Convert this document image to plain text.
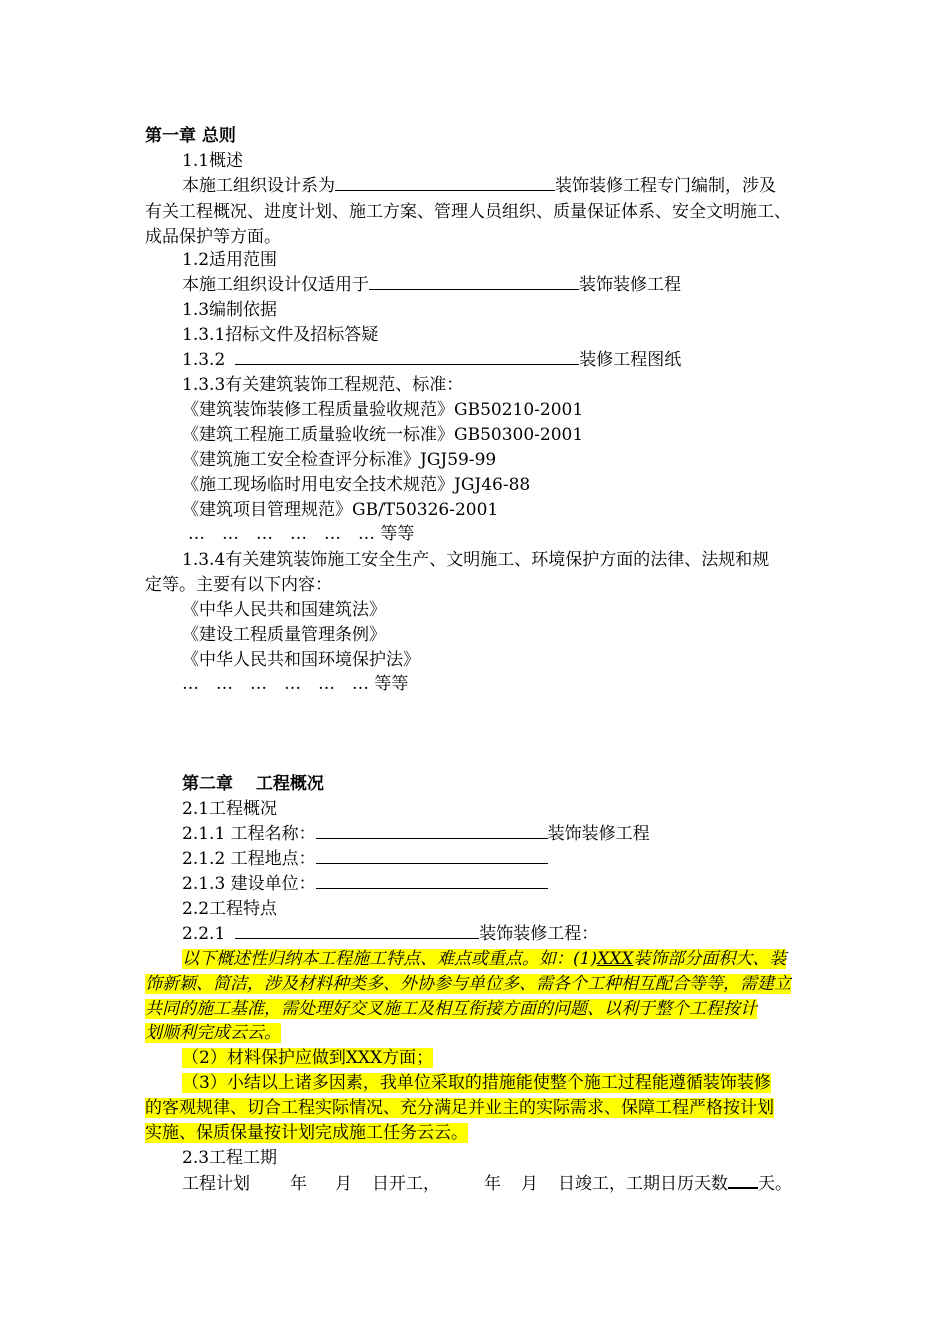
第一章 总则
1.1概述
本施工组织设计系为	装饰装修工程专门编制，涉及
有关工程概况、进度计划、施工方案、管理人员组织、质量保证体系、安全文明施工、
成品保护等方面。
1.2适用范围
本施工组织设计仅适用于	装饰装修工程
1.3编制依据
1.3.1招标文件及招标答疑
1.3.2	装修工程图纸
1.3.3有关建筑装饰工程规范、标准：
《建筑装饰装修工程质量验收规范》GB50210-2001
《建筑工程施工质量验收统一标准》GB50300-2001
《建筑施工安全检查评分标准》JGJ59-99
《施工现场临时用电安全技术规范》JGJ46-88
《建筑项目管理规范》GB/T50326-2001
…　…　…　…　…　… 等等
1.3.4有关建筑装饰施工安全生产、文明施工、环境保护方面的法律、法规和规
定等。主要有以下内容：
《中华人民共和国建筑法》
《建设工程质量管理条例》
《中华人民共和国环境保护法》
…　…　…　…　…　… 等等
第二章　 工程概况
2.1工程概况
2.1.1 工程名称：	装饰装修工程
2.1.2 工程地点：
2.1.3 建设单位：
2.2工程特点
2.2.1	装饰装修工程：
以下概述性归纳本工程施工特点、难点或重点。如：(1)XXX装饰部分面积大、装
饰新颖、简洁，涉及材料种类多、外协参与单位多、需各个工种相互配合等等，需建立
共同的施工基准，需处理好交叉施工及相互衔接方面的问题、以利于整个工程按计
划顺利完成云云。
（2）材料保护应做到XXX方面；
（3）小结以上诸多因素，我单位采取的措施能使整个施工过程能遵循装饰装修
的客观规律、切合工程实际情况、充分满足并业主的实际需求、保障工程严格按计划
实施、保质保量按计划完成施工任务云云。
2.3工程工期
工程计划 年 月 日开工，	年 月 日竣工，工期日历天数 天。
